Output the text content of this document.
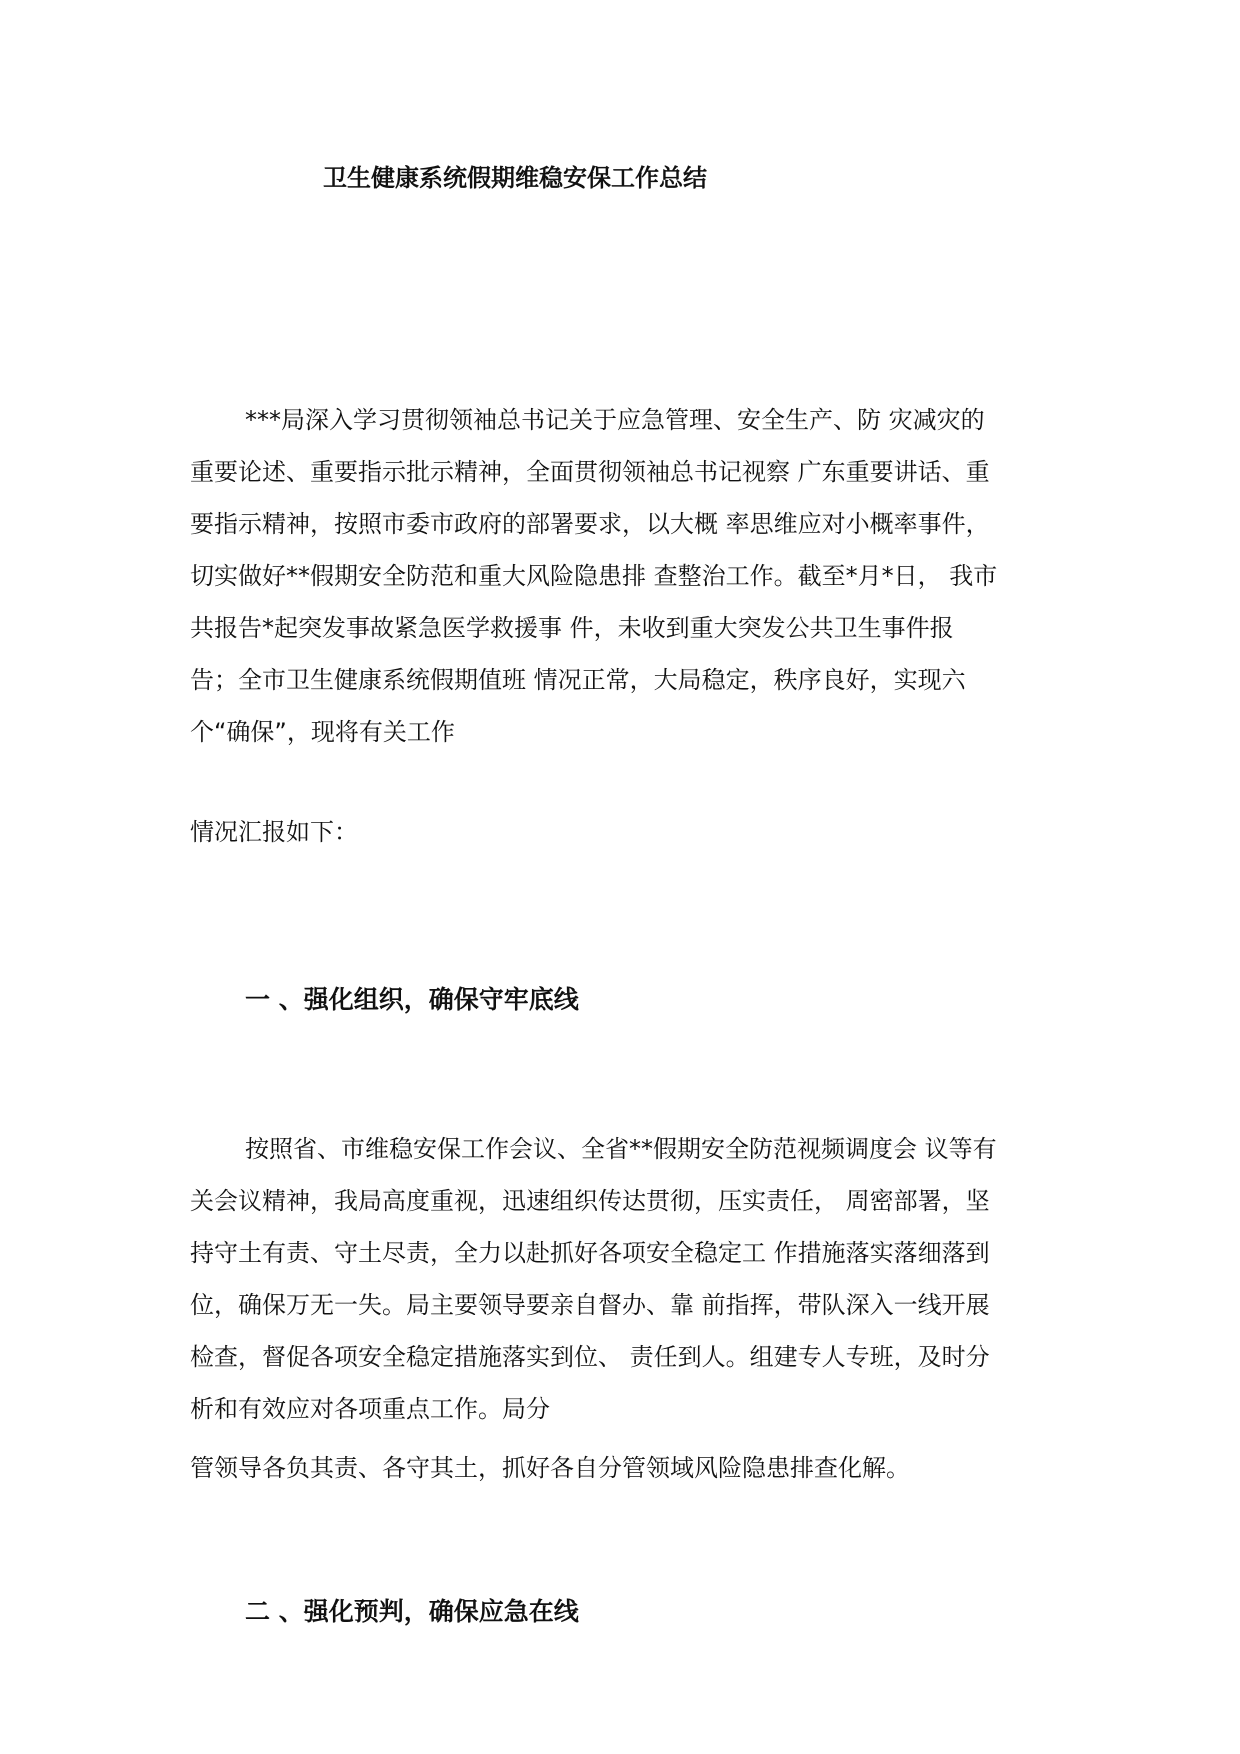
卫生健康系统假期维稳安保工作总结
***局深入学习贯彻领袖总书记关于应急管理、安全生产、防 灾减灾的
重要论述、重要指示批示精神，全面贯彻领袖总书记视察 广东重要讲话、重
要指示精神，按照市委市政府的部署要求，以大概 率思维应对小概率事件，
切实做好**假期安全防范和重大风险隐患排 查整治工作。截至*月*日， 我市
共报告*起突发事故紧急医学救援事 件，未收到重大突发公共卫生事件报
告；全市卫生健康系统假期值班 情况正常，大局稳定，秩序良好，实现六
个“确保”，现将有关工作
情况汇报如下：
一 、强化组织，确保守牢底线
按照省、市维稳安保工作会议、全省**假期安全防范视频调度会 议等有
关会议精神，我局高度重视，迅速组织传达贯彻，压实责任， 周密部署，坚
持守土有责、守土尽责，全力以赴抓好各项安全稳定工 作措施落实落细落到
位，确保万无一失。局主要领导要亲自督办、靠 前指挥，带队深入一线开展
检查，督促各项安全稳定措施落实到位、 责任到人。组建专人专班，及时分
析和有效应对各项重点工作。局分
管领导各负其责、各守其土，抓好各自分管领域风险隐患排查化解。
二 、强化预判，确保应急在线
